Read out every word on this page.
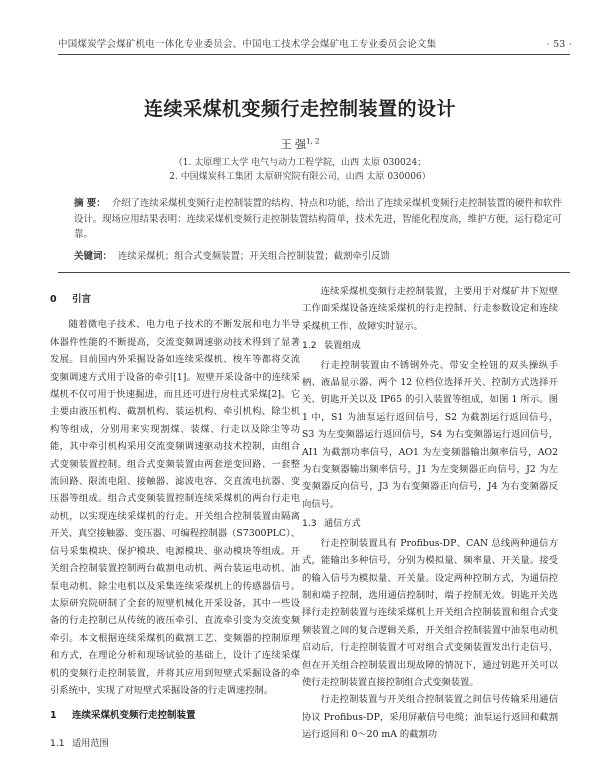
中国煤炭学会煤矿机电一体化专业委员会、中国电工技术学会煤矿电工专业委员会论文集	· 53 ·
连续采煤机变频行走控制装置的设计
王 强$^{1, 2}$
（1. 太原理工大学 电气与动力工程学院，山西 太原 030024；
2. 中国煤炭科工集团 太原研究院有限公司，山西 太原 030006）
摘 要： 介绍了连续采煤机变频行走控制装置的结构、特点和功能，给出了连续采煤机变频行走控制装置的硬件和软件设计。现场应用结果表明：连续采煤机变频行走控制装置结构简单，技术先进，智能化程度高，维护方便，运行稳定可靠。
关键词： 连续采煤机；组合式变频装置；开关组合控制装置；截割牵引反馈
0 引言

随着微电子技术、电力电子技术的不断发展和电力半导体器件性能的不断提高，交流变频调速驱动技术得到了显著发展。目前国内外采掘设备如连续采煤机、梭车等都将交流变频调速方式用于设备的牵引[1]。短壁开采设备中的连续采煤机不仅可用于快速掘进，而且还可进行房柱式采煤[2]。它主要由液压机构、截割机构、装运机构、牵引机构、除尘机构等组成，分别用来实现割煤、装煤、行走以及除尘等功能，其中牵引机构采用交流变频调速驱动技术控制，由组合式变频装置控制。组合式变频装置由两套逆变回路、一套整流回路、限流电阻、接触器、滤波电容、交直流电抗器、变压器等组成。组合式变频装置控制连续采煤机的两台行走电动机，以实现连续采煤机的行走。开关组合控制装置由隔离开关、真空接触器、变压器、可编程控制器（S7300PLC）、信号采集模块、保护模块、电源模块、驱动模块等组成。开关组合控制装置控制两台截割电动机、两台装运电动机、油泵电动机、除尘电机以及采集连续采煤机上的传感器信号。太原研究院研制了全套的短壁机械化开采设备，其中一些设备的行走控制已从传统的液压牵引、直流牵引变为交流变频牵引。本文根据连续采煤机的截割工艺、变频器的控制原理和方式，在理论分析和现场试验的基础上，设计了连续采煤机的变频行走控制装置，并将其应用到短壁式采掘设备的牵引系统中，实现了对短壁式采掘设备的行走调速控制。

1 连续采煤机变频行走控制装置
1.1 适用范围

连续采煤机变频行走控制装置，主要用于对煤矿井下短壁工作面采煤设备连续采煤机的行走控制、行走参数设定和连续采煤机工作、故障实时显示。

1.2 装置组成

行走控制装置由不锈钢外壳、带安全栓钮的双头操纵手柄、液晶显示器、两个 12 位档位选择开关、控制方式选择开关、钥匙开关以及 IP65 的引入装置等组成，如图 1 所示。图 1 中，S1 为油泵运行返回信号，S2 为截割运行返回信号，S3 为左变频器运行返回信号，S4 为右变频器运行返回信号，AI1 为截割功率信号，AO1 为左变频器输出频率信号，AO2 为右变频器输出频率信号，J1 为左变频器正向信号，J2 为左变频器反向信号，J3 为右变频器正向信号，J4 为右变频器反向信号。

1.3 通信方式

行走控制装置具有 Profibus-DP、CAN 总线两种通信方式，能输出多种信号，分别为模拟量、频率量、开关量。接受的输入信号为模拟量、开关量。设定两种控制方式，为通信控制和端子控制，选用通信控制时，端子控制无效。钥匙开关选择行走控制装置与连续采煤机上开关组合控制装置和组合式变频装置之间的复合逻辑关系，开关组合控制装置中油泵电动机启动后，行走控制装置才可对组合式变频装置发出行走信号，但在开关组合控制装置出现故障的情况下，通过钥匙开关可以使行走控制装置直接控制组合式变频装置。

行走控制装置与开关组合控制装置之间信号传输采用通信协议 Profibus-DP，采用屏蔽信号电缆；油泵运行返回和截割运行返回和 0～20 mA 的截割功
